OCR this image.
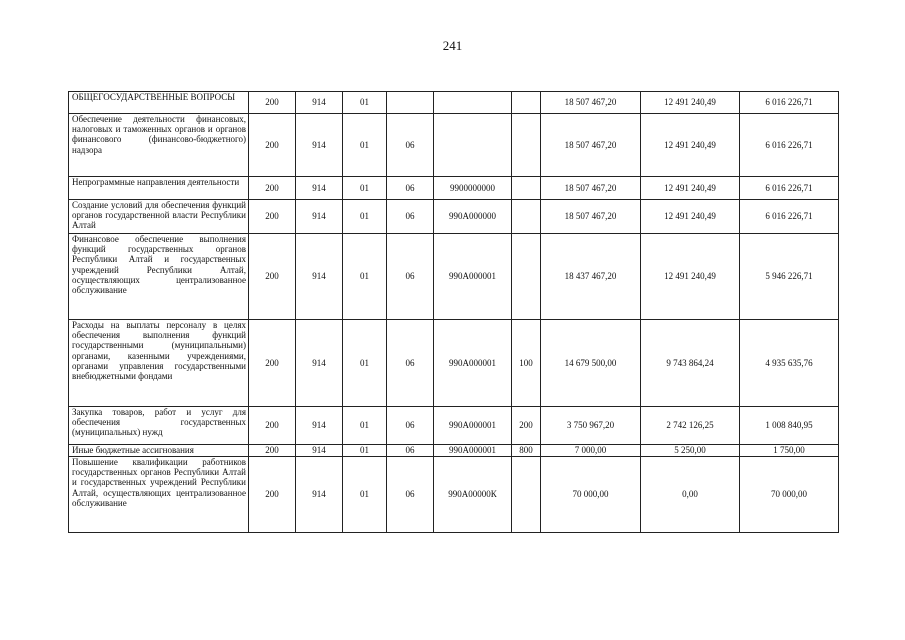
241
ОБЩЕГОСУДАРСТВЕННЫЕ ВОПРОСЫ	200	914	01				18 507 467,20	12 491 240,49	6 016 226,71
Обеспечение деятельности финансовых, налоговых и таможенных органов и органов финансового (финансово-бюджетного) надзора	200	914	01	06			18 507 467,20	12 491 240,49	6 016 226,71
Непрограммные направления деятельности	200	914	01	06	9900000000		18 507 467,20	12 491 240,49	6 016 226,71
Создание условий для обеспечения функций органов государственной власти Республики Алтай	200	914	01	06	990А000000		18 507 467,20	12 491 240,49	6 016 226,71
Финансовое обеспечение выполнения функций государственных органов Республики Алтай и государственных учреждений Республики Алтай, осуществляющих централизованное обслуживание	200	914	01	06	990А000001		18 437 467,20	12 491 240,49	5 946 226,71
Расходы на выплаты персоналу в целях обеспечения выполнения функций государственными (муниципальными) органами, казенными учреждениями, органами управления государственными внебюджетными фондами	200	914	01	06	990А000001	100	14 679 500,00	9 743 864,24	4 935 635,76
Закупка товаров, работ и услуг для обеспечения государственных (муниципальных) нужд	200	914	01	06	990А000001	200	3 750 967,20	2 742 126,25	1 008 840,95
Иные бюджетные ассигнования	200	914	01	06	990А000001	800	7 000,00	5 250,00	1 750,00
Повышение квалификации работников государственных органов Республики Алтай и государственных учреждений Республики Алтай, осуществляющих централизованное обслуживание	200	914	01	06	990А00000К		70 000,00	0,00	70 000,00
